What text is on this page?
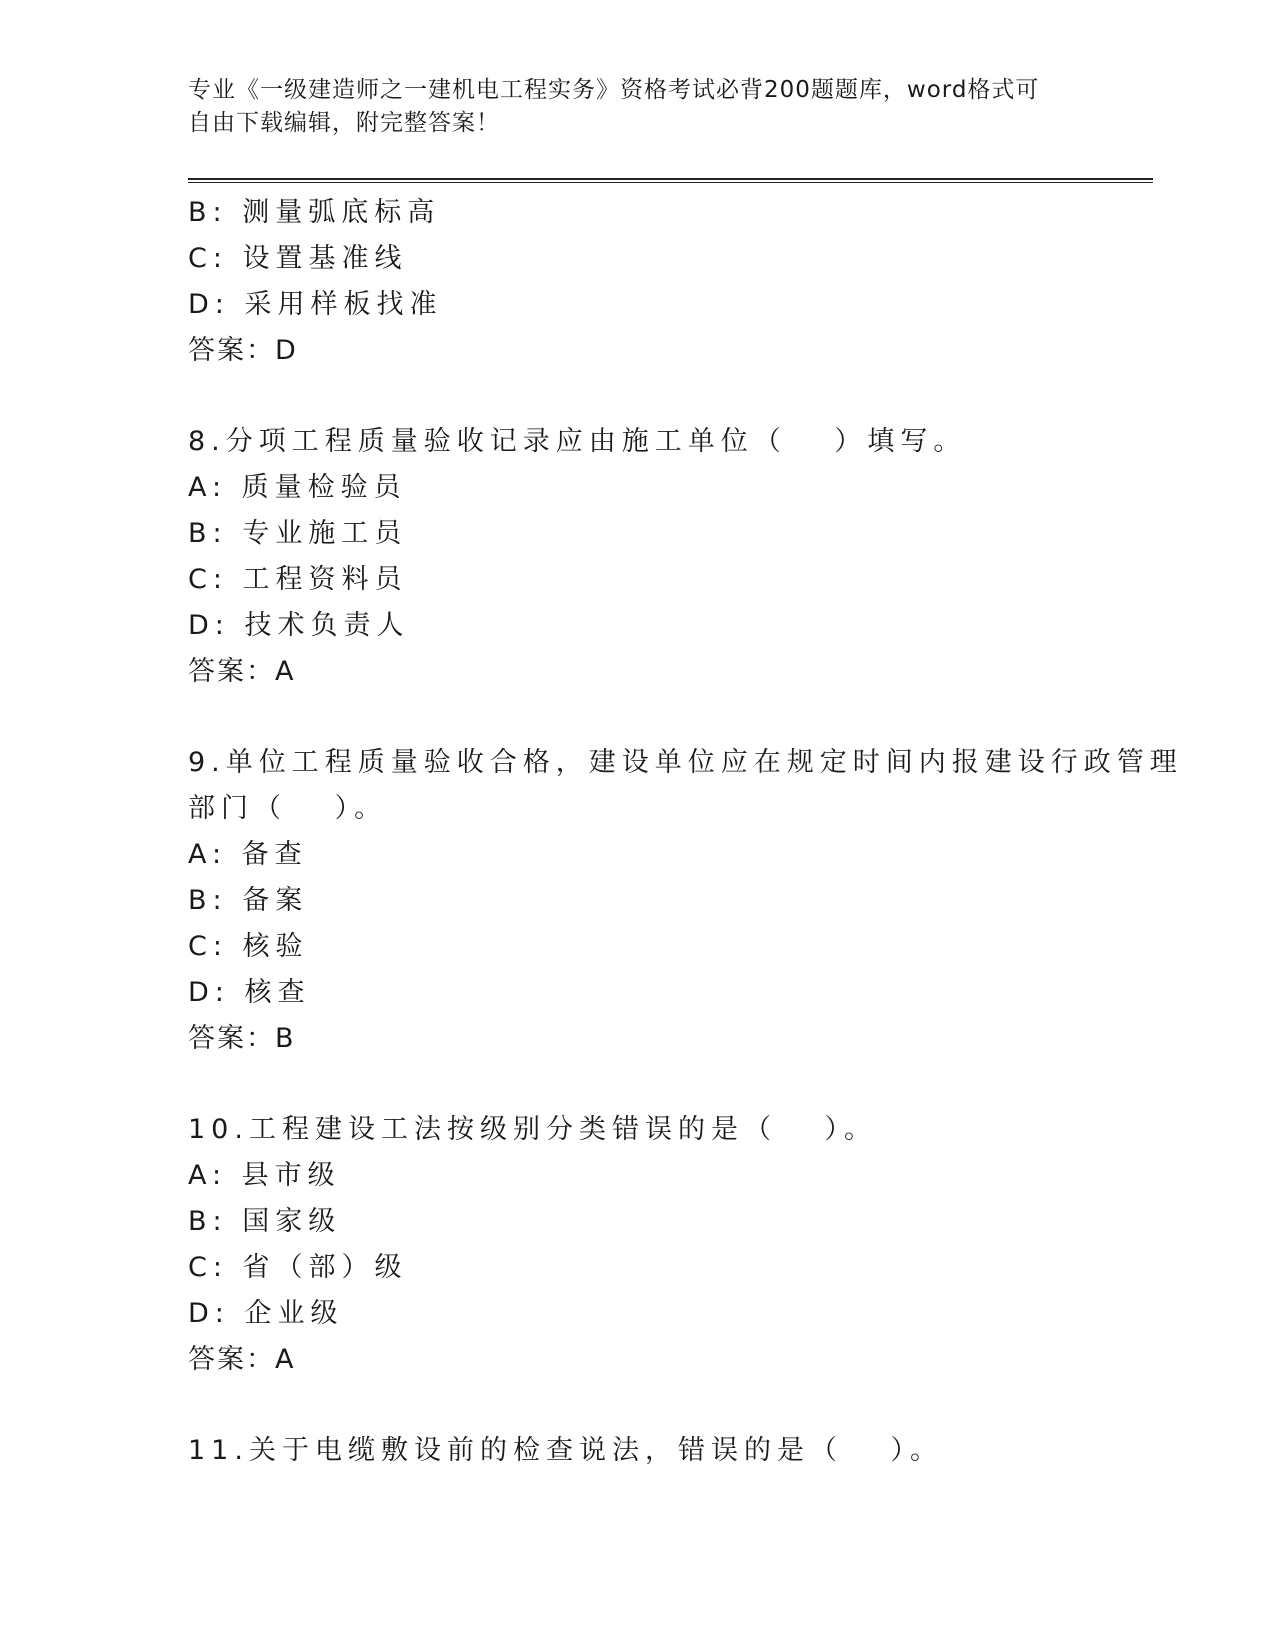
专业《一级建造师之一建机电工程实务》资格考试必背200题题库，word格式可
自由下载编辑，附完整答案！
B: 测量弧底标高
C: 设置基准线
D: 采用样板找准
答案：D
8.分项工程质量验收记录应由施工单位（　 ）填写。
A: 质量检验员
B: 专业施工员
C: 工程资料员
D: 技术负责人
答案：A
9.单位工程质量验收合格，建设单位应在规定时间内报建设行政管理
部门（　 ）。
A: 备查
B: 备案
C: 核验
D: 核查
答案：B
10.工程建设工法按级别分类错误的是（　 ）。
A: 县市级
B: 国家级
C: 省（部）级
D: 企业级
答案：A
11.关于电缆敷设前的检查说法，错误的是（　 ）。
